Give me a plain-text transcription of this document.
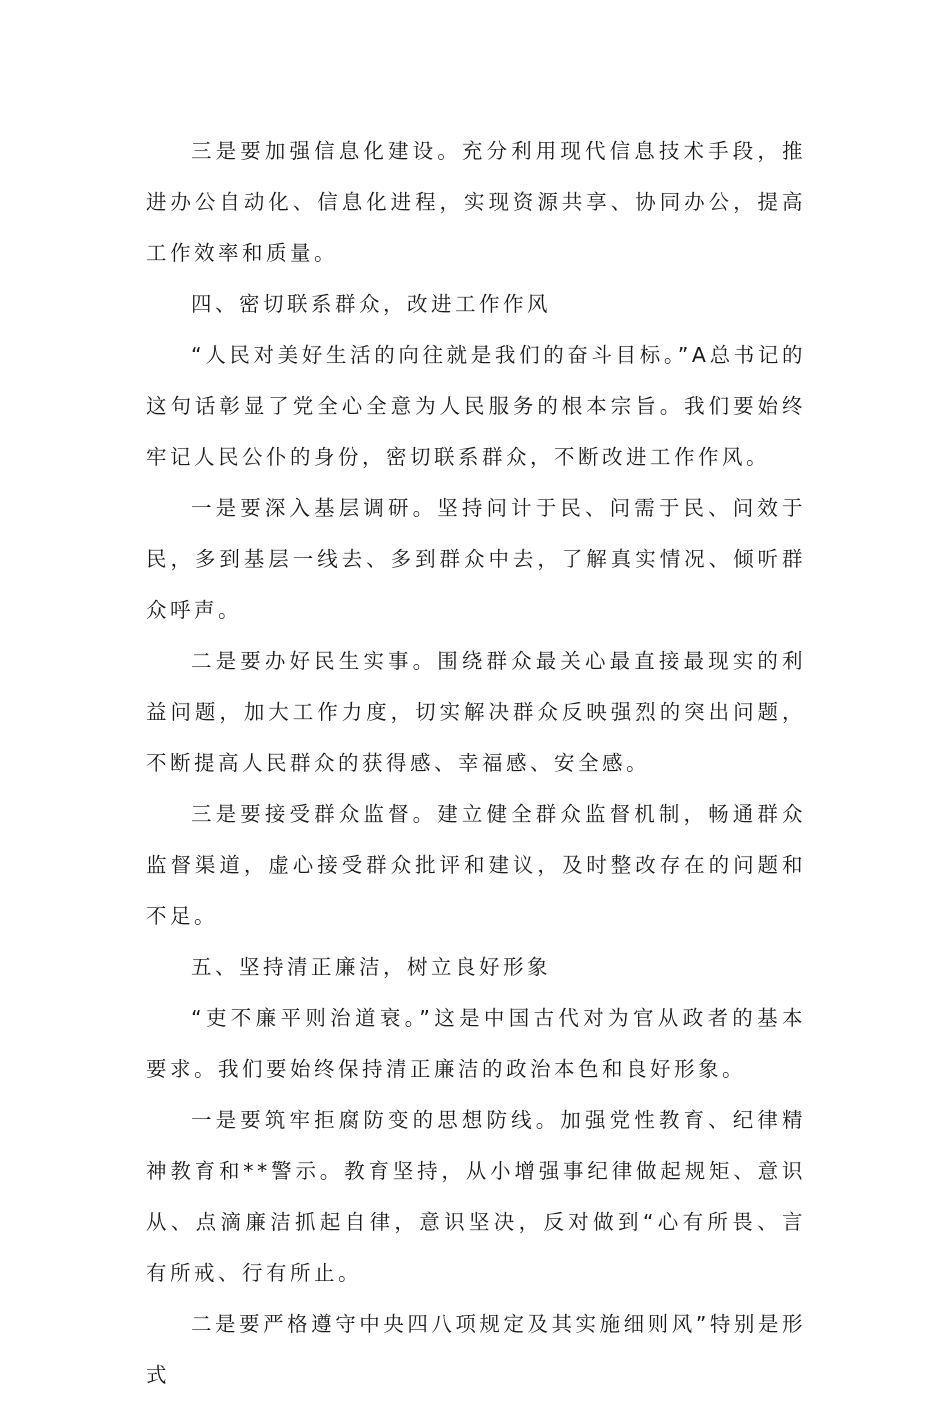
三是要加强信息化建设。充分利用现代信息技术手段，推进办公自动化、信息化进程，实现资源共享、协同办公，提高工作效率和质量。

四、密切联系群众，改进工作作风

“人民对美好生活的向往就是我们的奋斗目标。”A总书记的这句话彰显了党全心全意为人民服务的根本宗旨。我们要始终牢记人民公仆的身份，密切联系群众，不断改进工作作风。

一是要深入基层调研。坚持问计于民、问需于民、问效于民，多到基层一线去、多到群众中去，了解真实情况、倾听群众呼声。

二是要办好民生实事。围绕群众最关心最直接最现实的利益问题，加大工作力度，切实解决群众反映强烈的突出问题，不断提高人民群众的获得感、幸福感、安全感。

三是要接受群众监督。建立健全群众监督机制，畅通群众监督渠道，虚心接受群众批评和建议，及时整改存在的问题和不足。

五、坚持清正廉洁，树立良好形象

“吏不廉平则治道衰。”这是中国古代对为官从政者的基本要求。我们要始终保持清正廉洁的政治本色和良好形象。

一是要筑牢拒腐防变的思想防线。加强党性教育、纪律精神教育和**警示。教育坚持，从小增强事纪律做起规矩、意识从、点滴廉洁抓起自律，意识坚决，反对做到“心有所畏、言有所戒、行有所止。

二是要严格遵守中央四八项规定及其实施细则风”特别是形式
